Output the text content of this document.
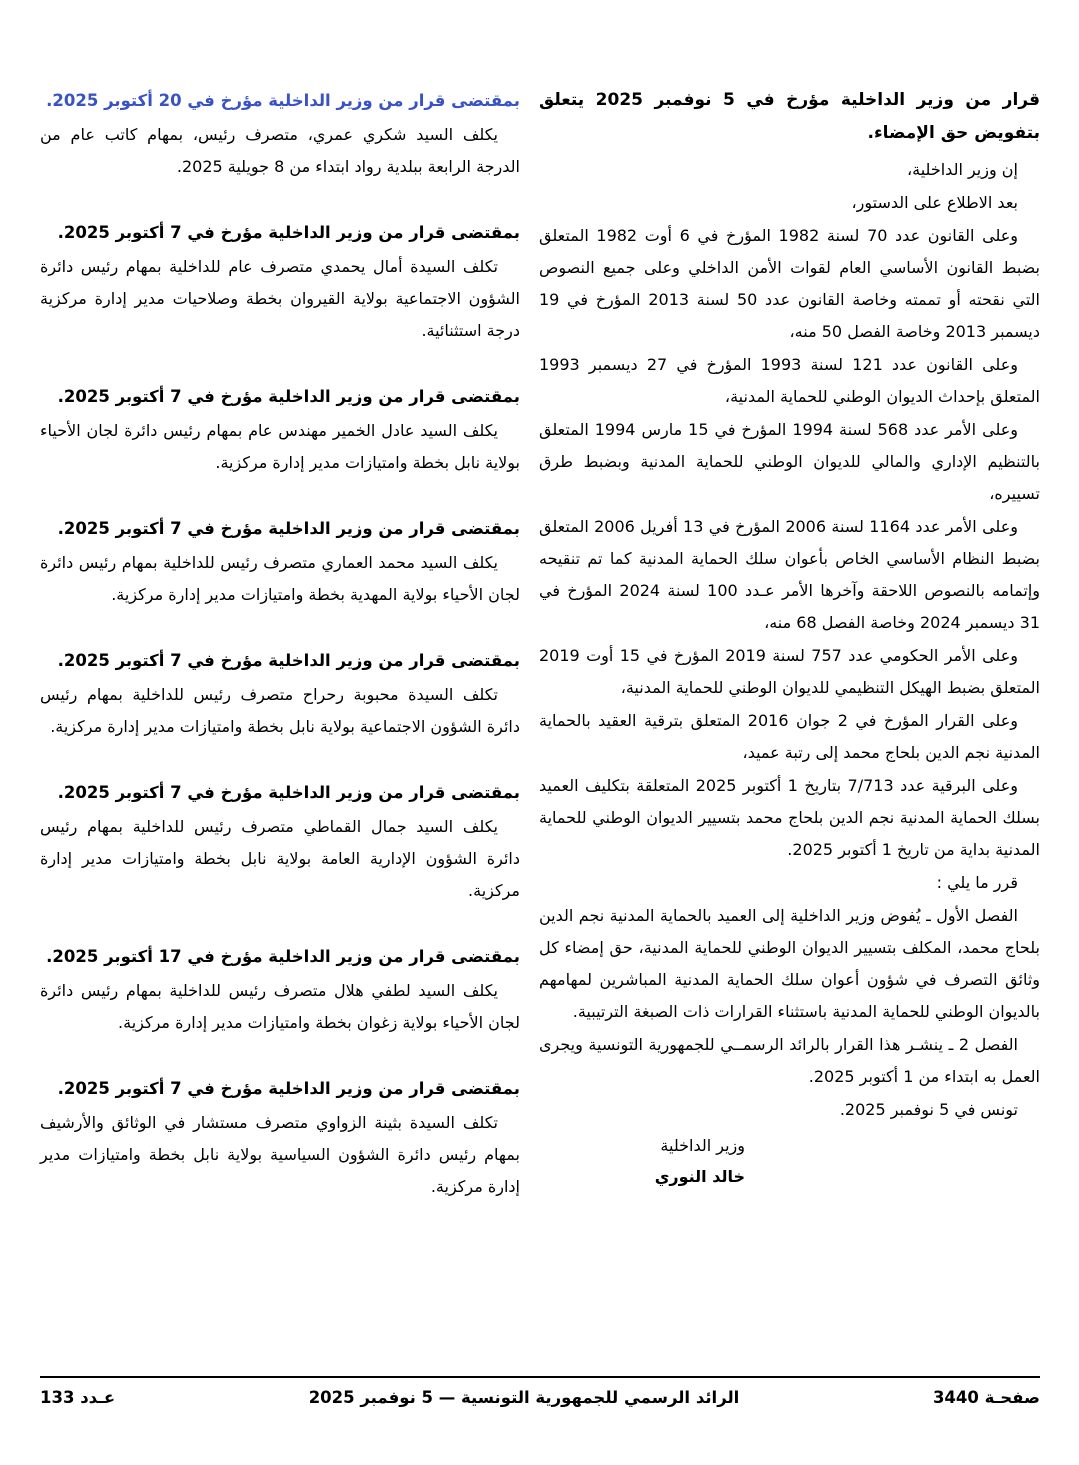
قرار من وزير الداخلية مؤرخ في 5 نوفمبر 2025 يتعلق بتفويض حق الإمضاء.

إن وزير الداخلية،

بعد الاطلاع على الدستور،

وعلى القانون عدد 70 لسنة 1982 المؤرخ في 6 أوت 1982 المتعلق بضبط القانون الأساسي العام لقوات الأمن الداخلي وعلى جميع النصوص التي نقحته أو تممته وخاصة القانون عدد 50 لسنة 2013 المؤرخ في 19 ديسمبر 2013 وخاصة الفصل 50 منه،

وعلى القانون عدد 121 لسنة 1993 المؤرخ في 27 ديسمبر 1993 المتعلق بإحداث الديوان الوطني للحماية المدنية،

وعلى الأمر عدد 568 لسنة 1994 المؤرخ في 15 مارس 1994 المتعلق بالتنظيم الإداري والمالي للديوان الوطني للحماية المدنية وبضبط طرق تسييره،

وعلى الأمر عدد 1164 لسنة 2006 المؤرخ في 13 أفريل 2006 المتعلق بضبط النظام الأساسي الخاص بأعوان سلك الحماية المدنية كما تم تنقيحه وإتمامه بالنصوص اللاحقة وآخرها الأمر عـدد 100 لسنة 2024 المؤرخ في 31 ديسمبر 2024 وخاصة الفصل 68 منه،

وعلى الأمر الحكومي عدد 757 لسنة 2019 المؤرخ في 15 أوت 2019 المتعلق بضبط الهيكل التنظيمي للديوان الوطني للحماية المدنية،

وعلى القرار المؤرخ في 2 جوان 2016 المتعلق بترقية العقيد بالحماية المدنية نجم الدين بلحاج محمد إلى رتبة عميد،

وعلى البرقية عدد 7/713 بتاريخ 1 أكتوبر 2025 المتعلقة بتكليف العميد بسلك الحماية المدنية نجم الدين بلحاج محمد بتسيير الديوان الوطني للحماية المدنية بداية من تاريخ 1 أكتوبر 2025.

قرر ما يلي :

الفصل الأول ـ يُفوض وزير الداخلية إلى العميد بالحماية المدنية نجم الدين بلحاج محمد، المكلف بتسيير الديوان الوطني للحماية المدنية، حق إمضاء كل وثائق التصرف في شؤون أعوان سلك الحماية المدنية المباشرين لمهامهم بالديوان الوطني للحماية المدنية باستثناء القرارات ذات الصبغة الترتيبية.

الفصل 2 ـ ينشـر هذا القرار بالرائد الرسمــي للجمهورية التونسية ويجرى العمل به ابتداء من 1 أكتوبر 2025.

تونس في 5 نوفمبر 2025.

وزير الداخلية
خالد النوري
بمقتضى قرار من وزير الداخلية مؤرخ في 20 أكتوبر 2025.

يكلف السيد شكري عمري، متصرف رئيس، بمهام كاتب عام من الدرجة الرابعة ببلدية رواد ابتداء من 8 جويلية 2025.

بمقتضى قرار من وزير الداخلية مؤرخ في 7 أكتوبر 2025.

تكلف السيدة أمال يحمدي متصرف عام للداخلية بمهام رئيس دائرة الشؤون الاجتماعية بولاية القيروان بخطة وصلاحيات مدير إدارة مركزية درجة استثنائية.

بمقتضى قرار من وزير الداخلية مؤرخ في 7 أكتوبر 2025.

يكلف السيد عادل الخمير مهندس عام بمهام رئيس دائرة لجان الأحياء بولاية نابل بخطة وامتيازات مدير إدارة مركزية.

بمقتضى قرار من وزير الداخلية مؤرخ في 7 أكتوبر 2025.

يكلف السيد محمد العماري متصرف رئيس للداخلية بمهام رئيس دائرة لجان الأحياء بولاية المهدية بخطة وامتيازات مدير إدارة مركزية.

بمقتضى قرار من وزير الداخلية مؤرخ في 7 أكتوبر 2025.

تكلف السيدة محبوبة رحراح متصرف رئيس للداخلية بمهام رئيس دائرة الشؤون الاجتماعية بولاية نابل بخطة وامتيازات مدير إدارة مركزية.

بمقتضى قرار من وزير الداخلية مؤرخ في 7 أكتوبر 2025.

يكلف السيد جمال القماطي متصرف رئيس للداخلية بمهام رئيس دائرة الشؤون الإدارية العامة بولاية نابل بخطة وامتيازات مدير إدارة مركزية.

بمقتضى قرار من وزير الداخلية مؤرخ في 17 أكتوبر 2025.

يكلف السيد لطفي هلال متصرف رئيس للداخلية بمهام رئيس دائرة لجان الأحياء بولاية زغوان بخطة وامتيازات مدير إدارة مركزية.

بمقتضى قرار من وزير الداخلية مؤرخ في 7 أكتوبر 2025.

تكلف السيدة بثينة الزواوي متصرف مستشار في الوثائق والأرشيف بمهام رئيس دائرة الشؤون السياسية بولاية نابل بخطة وامتيازات مدير إدارة مركزية.

صفحـة 3440
الرائد الرسمي للجمهورية التونسية — 5 نوفمبر 2025
عـدد 133
